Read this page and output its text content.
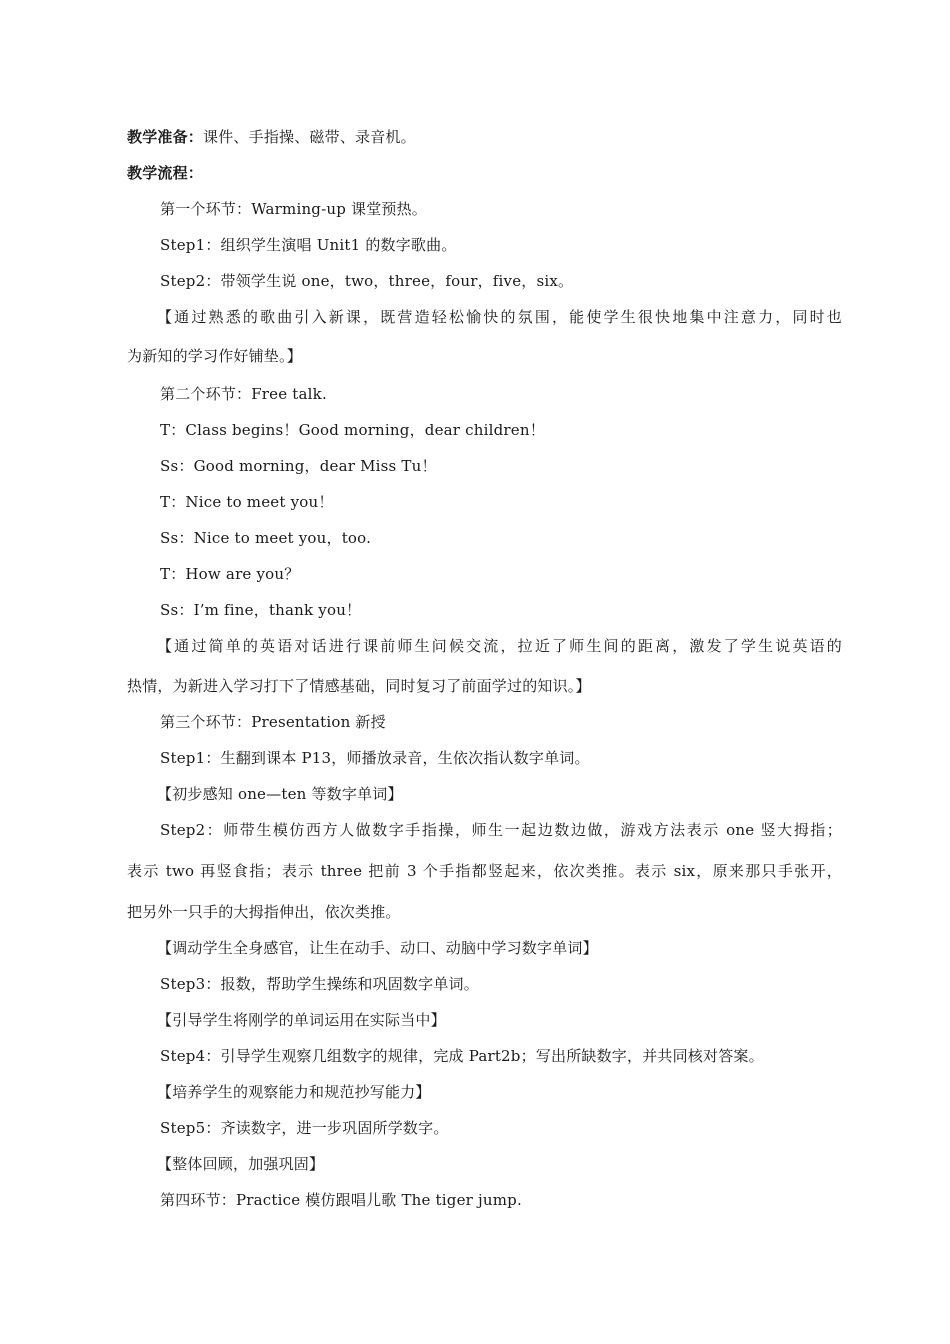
教学准备：课件、手指操、磁带、录音机。
教学流程：
第一个环节：Warming-up 课堂预热。
Step1：组织学生演唱 Unit1 的数字歌曲。
Step2：带领学生说 one，two，three，four，five，six。
【通过熟悉的歌曲引入新课，既营造轻松愉快的氛围，能使学生很快地集中注意力，同时也
为新知的学习作好铺垫。】
第二个环节：Free talk.
T：Class begins！Good morning，dear children！
Ss：Good morning，dear Miss Tu！
T：Nice to meet you！
Ss：Nice to meet you，too.
T：How are you？
Ss：I’m fine，thank you！
【通过简单的英语对话进行课前师生问候交流，拉近了师生间的距离，激发了学生说英语的
热情，为新进入学习打下了情感基础，同时复习了前面学过的知识。】
第三个环节：Presentation 新授
Step1：生翻到课本 P13，师播放录音，生依次指认数字单词。
【初步感知 one—ten 等数字单词】
Step2：师带生模仿西方人做数字手指操，师生一起边数边做，游戏方法表示 one 竖大拇指；
表示 two 再竖食指；表示 three 把前 3 个手指都竖起来，依次类推。表示 six，原来那只手张开，
把另外一只手的大拇指伸出，依次类推。
【调动学生全身感官，让生在动手、动口、动脑中学习数字单词】
Step3：报数，帮助学生操练和巩固数字单词。
【引导学生将刚学的单词运用在实际当中】
Step4：引导学生观察几组数字的规律，完成 Part2b；写出所缺数字，并共同核对答案。
【培养学生的观察能力和规范抄写能力】
Step5：齐读数字，进一步巩固所学数字。
【整体回顾，加强巩固】
第四环节：Practice 模仿跟唱儿歌 The tiger jump.
